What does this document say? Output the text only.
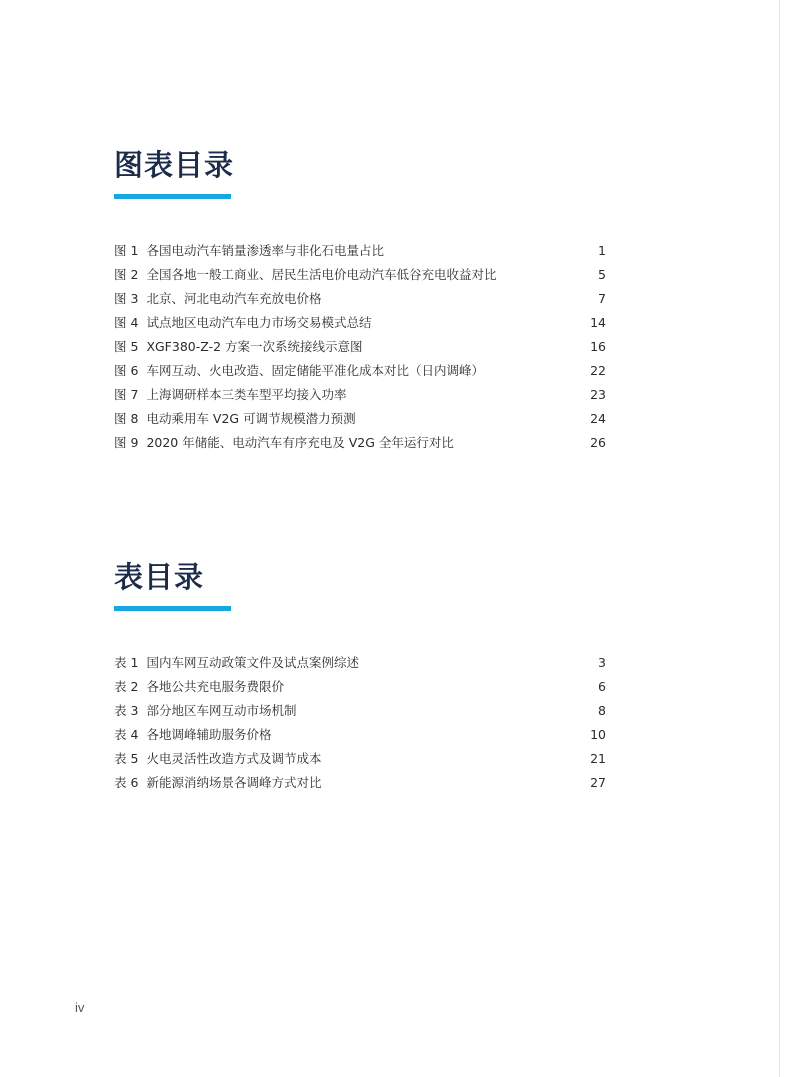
图表目录
图 1 各国电动汽车销量渗透率与非化石电量占比	1
图 2 全国各地一般工商业、居民生活电价电动汽车低谷充电收益对比	5
图 3 北京、河北电动汽车充放电价格	7
图 4 试点地区电动汽车电力市场交易模式总结	14
图 5 XGF380-Z-2 方案一次系统接线示意图	16
图 6 车网互动、火电改造、固定储能平准化成本对比（日内调峰）	22
图 7 上海调研样本三类车型平均接入功率	23
图 8 电动乘用车 V2G 可调节规模潜力预测	24
图 9 2020 年储能、电动汽车有序充电及 V2G 全年运行对比	26
表目录
表 1 国内车网互动政策文件及试点案例综述	3
表 2 各地公共充电服务费限价	6
表 3 部分地区车网互动市场机制	8
表 4 各地调峰辅助服务价格	10
表 5 火电灵活性改造方式及调节成本	21
表 6 新能源消纳场景各调峰方式对比	27
iv
